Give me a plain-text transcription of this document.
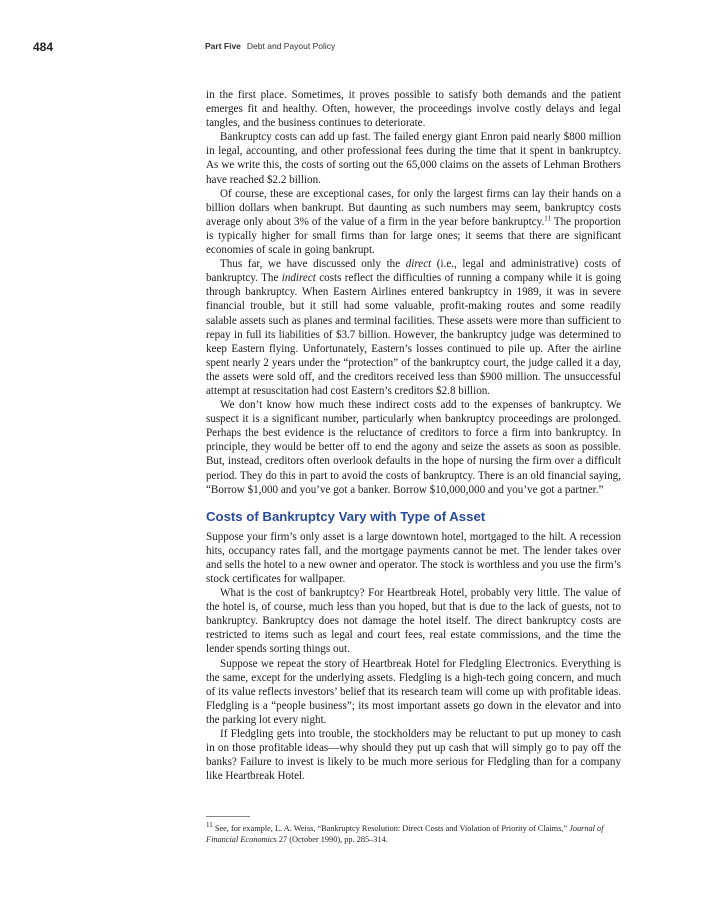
484	Part Five Debt and Payout Policy

in the first place. Sometimes, it proves possible to satisfy both demands and the patient emerges fit and healthy. Often, however, the proceedings involve costly delays and legal tangles, and the business continues to deteriorate.

Bankruptcy costs can add up fast. The failed energy giant Enron paid nearly $800 million in legal, accounting, and other professional fees during the time that it spent in bankruptcy. As we write this, the costs of sorting out the 65,000 claims on the assets of Lehman Brothers have reached $2.2 billion.

Of course, these are exceptional cases, for only the largest firms can lay their hands on a billion dollars when bankrupt. But daunting as such numbers may seem, bankruptcy costs average only about 3% of the value of a firm in the year before bankruptcy.$^{11}$ The proportion is typically higher for small firms than for large ones; it seems that there are significant economies of scale in going bankrupt.

Thus far, we have discussed only the direct (i.e., legal and administrative) costs of bankruptcy. The indirect costs reflect the difficulties of running a company while it is going through bankruptcy. When Eastern Airlines entered bankruptcy in 1989, it was in severe financial trouble, but it still had some valuable, profit-making routes and some readily salable assets such as planes and terminal facilities. These assets were more than sufficient to repay in full its liabilities of $3.7 billion. However, the bankruptcy judge was determined to keep Eastern flying. Unfortunately, Eastern’s losses continued to pile up. After the airline spent nearly 2 years under the “protection” of the bankruptcy court, the judge called it a day, the assets were sold off, and the creditors received less than $900 million. The unsuccessful attempt at resuscitation had cost Eastern’s creditors $2.8 billion.

We don’t know how much these indirect costs add to the expenses of bankruptcy. We suspect it is a significant number, particularly when bankruptcy proceedings are prolonged. Perhaps the best evidence is the reluctance of creditors to force a firm into bankruptcy. In principle, they would be better off to end the agony and seize the assets as soon as possible. But, instead, creditors often overlook defaults in the hope of nursing the firm over a difficult period. They do this in part to avoid the costs of bankruptcy. There is an old financial saying, “Borrow $1,000 and you’ve got a banker. Borrow $10,000,000 and you’ve got a partner.”

Costs of Bankruptcy Vary with Type of Asset

Suppose your firm’s only asset is a large downtown hotel, mortgaged to the hilt. A recession hits, occupancy rates fall, and the mortgage payments cannot be met. The lender takes over and sells the hotel to a new owner and operator. The stock is worthless and you use the firm’s stock certificates for wallpaper.

What is the cost of bankruptcy? For Heartbreak Hotel, probably very little. The value of the hotel is, of course, much less than you hoped, but that is due to the lack of guests, not to bankruptcy. Bankruptcy does not damage the hotel itself. The direct bankruptcy costs are restricted to items such as legal and court fees, real estate commissions, and the time the lender spends sorting things out.

Suppose we repeat the story of Heartbreak Hotel for Fledgling Electronics. Everything is the same, except for the underlying assets. Fledgling is a high-tech going concern, and much of its value reflects investors’ belief that its research team will come up with profitable ideas. Fledgling is a “people business”; its most important assets go down in the elevator and into the parking lot every night.

If Fledgling gets into trouble, the stockholders may be reluctant to put up money to cash in on those profitable ideas—why should they put up cash that will simply go to pay off the banks? Failure to invest is likely to be much more serious for Fledgling than for a company like Heartbreak Hotel.

$^{11}$ See, for example, L. A. Weiss, “Bankruptcy Resolution: Direct Costs and Violation of Priority of Claims,” Journal of Financial Economics 27 (October 1990), pp. 285–314.
